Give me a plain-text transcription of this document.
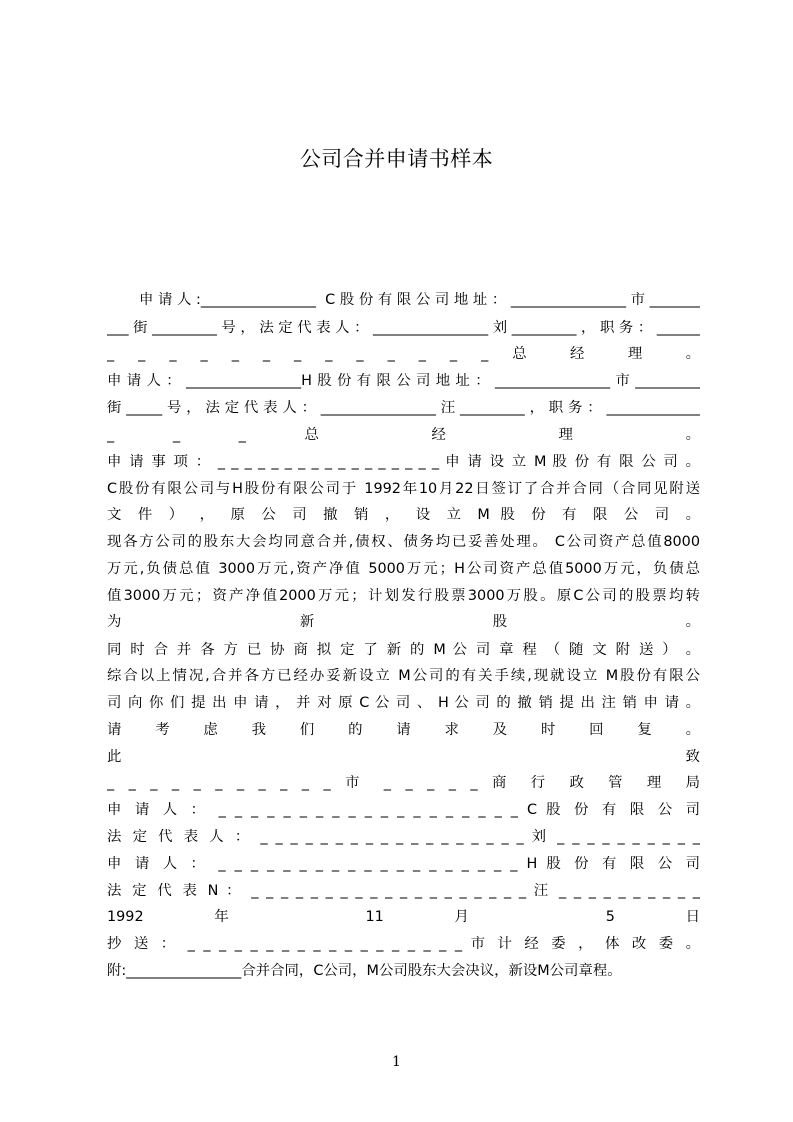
公司合并申请书样本
申请人:________________ C股份有限公司地址：________________市_______
___街_________号，法定代表人：________________刘_________，职务：______
_ _ _ _ _ _ _ _ _ _ _ _ _ 总 经 理 。
申请人：________________H股份有限公司地址：________________市_________
街_____号，法定代表人：________________汪_________，职务：_____________
_ _ _ 总 经 理 。
申 请 事 项 ： _ _ _ _ _ _ _ _ _ _ _ _ _ _ _ _ _ 申 请 设 立 M 股 份 有 限 公 司 。
C股份有限公司与H股份有限公司于 1992年10月22日签订了合并合同（合同见附送
文 件 ） ， 原 公 司 撤 销 ， 设 立 M 股 份 有 限 公 司 。
现各方公司的股东大会均同意合并,债权、债务均已妥善处理。 C公司资产总值8000
万元,负债总值 3000万元,资产净值 5000万元；H公司资产总值5000万元，负债总
值3000万元；资产净值2000万元；计划发行股票3000万股。原C公司的股票均转
为 新 股 。
同 时 合 并 各 方 已 协 商 拟 定 了 新 的 M 公 司 章 程 （ 随 文 附 送 ） 。
综合以上情况,合并各方已经办妥新设立 M公司的有关手续,现就设立 M股份有限公
司 向 你 们 提 出 申 请 ， 并 对 原 C 公 司 、 H 公 司 的 撤 销 提 出 注 销 申 请 。
请 考 虑 我 们 的 请 求 及 时 回 复 。
此 致
_ _ _ _ _ _ _ _ _ _ _ 市 _ _ _ _ _ 商 行 政 管 理 局
申 请 人 ： _ _ _ _ _ _ _ _ _ _ _ _ _ _ _ _ _ _ _ C 股 份 有 限 公 司
法 定 代 表 人 ： _ _ _ _ _ _ _ _ _ _ _ _ _ _ _ _ _ _ 刘 _ _ _ _ _ _ _ _ _ _
申 请 人 ： _ _ _ _ _ _ _ _ _ _ _ _ _ _ _ _ _ _ _ H 股 份 有 限 公 司
法 定 代 表 N ： _ _ _ _ _ _ _ _ _ _ _ _ _ _ _ _ _ _ _ 汪 _ _ _ _ _ _ _ _ _ _
1992 年 11 月 5 日
抄 送 ： _ _ _ _ _ _ _ _ _ _ _ _ _ _ _ _ _ _ 市 计 经 委 ， 体 改 委 。
附:________________合并合同，C公司，M公司股东大会决议，新设M公司章程。
1
